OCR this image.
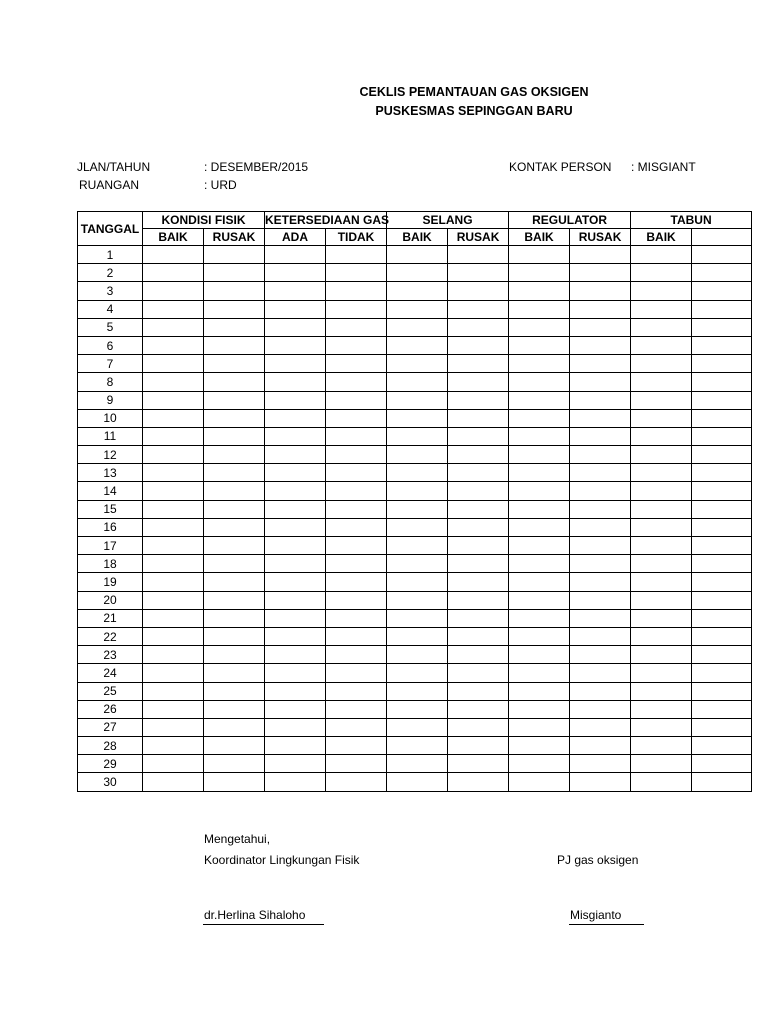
CEKLIS PEMANTAUAN GAS OKSIGEN
PUSKESMAS SEPINGGAN BARU
JLAN/TAHUN	: DESEMBER/2015	KONTAK PERSON : MISGIANT
RUANGAN	: URD
TANGGAL	KONDISI FISIK		KETERSEDIAAN GAS		SELANG		REGULATOR		TABUN	
	BAIK	RUSAK	ADA	TIDAK	BAIK	RUSAK	BAIK	RUSAK	BAIK	
1										
2										
3										
4										
5										
6										
7										
8										
9										
10										
11										
12										
13										
14										
15										
16										
17										
18										
19										
20										
21										
22										
23										
24										
25										
26										
27										
28										
29										
30										
Mengetahui,
Koordinator Lingkungan Fisik	PJ gas oksigen
dr.Herlina Sihaloho	Misgianto
